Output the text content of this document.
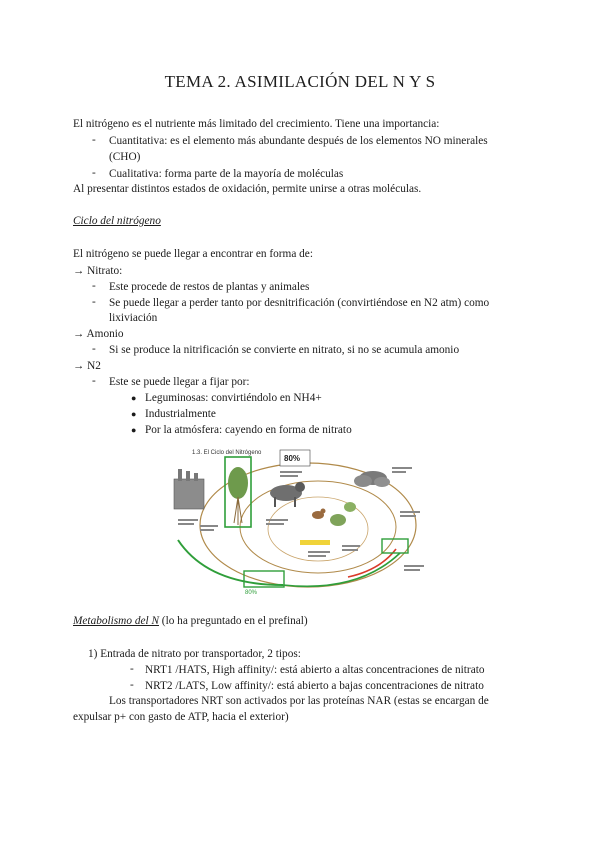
TEMA 2. ASIMILACIÓN DEL N Y S
El nitrógeno es el nutriente más limitado del crecimiento. Tiene una importancia:
- Cuantitativa: es el elemento más abundante después de los elementos NO minerales
(CHO)
- Cualitativa: forma parte de la mayoría de moléculas
Al presentar distintos estados de oxidación, permite unirse a otras moléculas.
Ciclo del nitrógeno
El nitrógeno se puede llegar a encontrar en forma de:
→ Nitrato:
- Este procede de restos de plantas y animales
- Se puede llegar a perder tanto por desnitrificación (convirtiéndose en N2 atm) como
lixiviación
→ Amonio
- Si se produce la nitrificación se convierte en nitrato, si no se acumula amonio
→ N2
- Este se puede llegar a fijar por:
● Leguminosas: convirtiéndolo en NH4+
● Industrialmente
● Por la atmósfera: cayendo en forma de nitrato
1.3. El Ciclo del Nitrógeno
80%
80%
Metabolismo del N (lo ha preguntado en el prefinal)
1) Entrada de nitrato por transportador, 2 tipos:
- NRT1 /HATS, High affinity/: está abierto a altas concentraciones de nitrato
- NRT2 /LATS, Low affinity/: está abierto a bajas concentraciones de nitrato
Los transportadores NRT son activados por las proteínas NAR (estas se encargan de
expulsar p+ con gasto de ATP, hacia el exterior)
